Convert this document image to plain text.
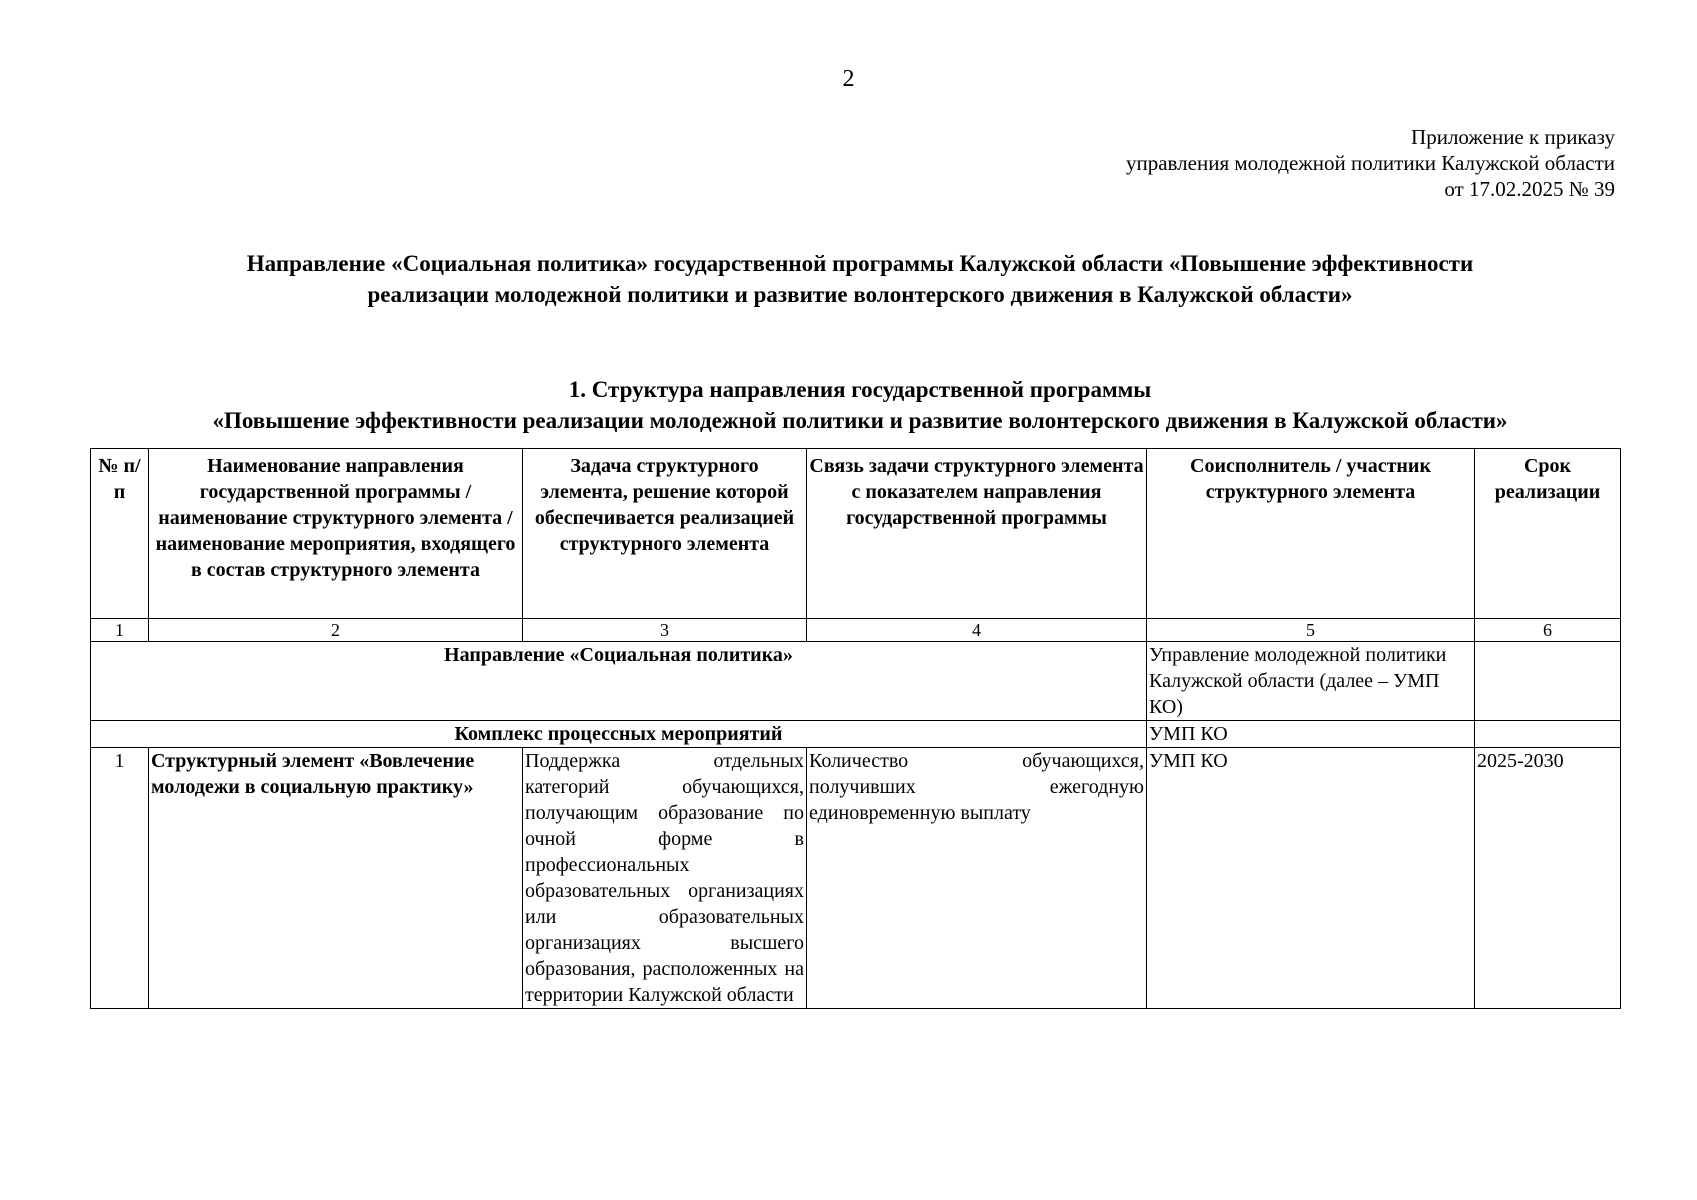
2
Приложение к приказу
управления молодежной политики Калужской области
от 17.02.2025 № 39
Направление «Социальная политика» государственной программы Калужской области «Повышение эффективности
реализации молодежной политики и развитие волонтерского движения в Калужской области»
1. Структура направления государственной программы
«Повышение эффективности реализации молодежной политики и развитие волонтерского движения в Калужской области»
№ п/п	Наименование направления государственной программы / наименование структурного элемента / наименование мероприятия, входящего в состав структурного элемента	Задача структурного элемента, решение которой обеспечивается реализацией структурного элемента	Связь задачи структурного элемента с показателем направления государственной программы	Соисполнитель / участник структурного элемента	Срок реализации
1	2	3	4	5	6
Направление «Социальная политика»				Управление молодежной политики Калужской области (далее – УМП КО)	
Комплекс процессных мероприятий				УМП КО	
1	Структурный элемент «Вовлечение молодежи в социальную практику»	Поддержка отдельных категорий обучающихся, получающим образование по очной форме в профессиональных образовательных организациях или образовательных организациях высшего образования, расположенных на территории Калужской области	Количество обучающихся, получивших ежегодную единовременную выплату	УМП КО	2025-2030
